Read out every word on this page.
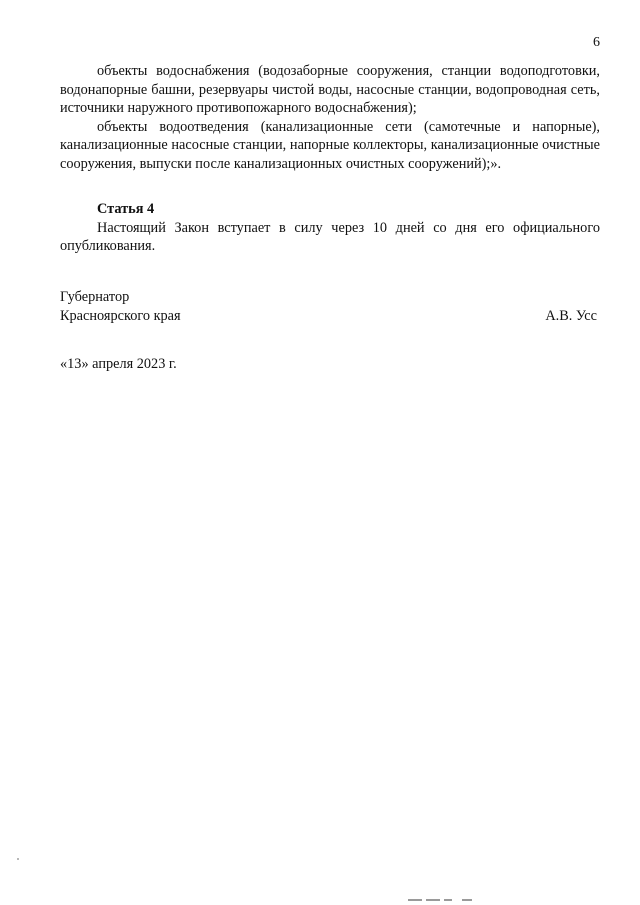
6

объекты водоснабжения (водозаборные сооружения, станции водоподготовки, водонапорные башни, резервуары чистой воды, насосные станции, водопроводная сеть, источники наружного противопожарного водоснабжения);

объекты водоотведения (канализационные сети (самотечные и напорные), канализационные насосные станции, напорные коллекторы, канализационные очистные сооружения, выпуски после канализационных очистных сооружений);».

Статья 4

Настоящий Закон вступает в силу через 10 дней со дня его официального опубликования.

Губернатор
Красноярского края	А.В. Усс
«13» апреля 2023 г.
